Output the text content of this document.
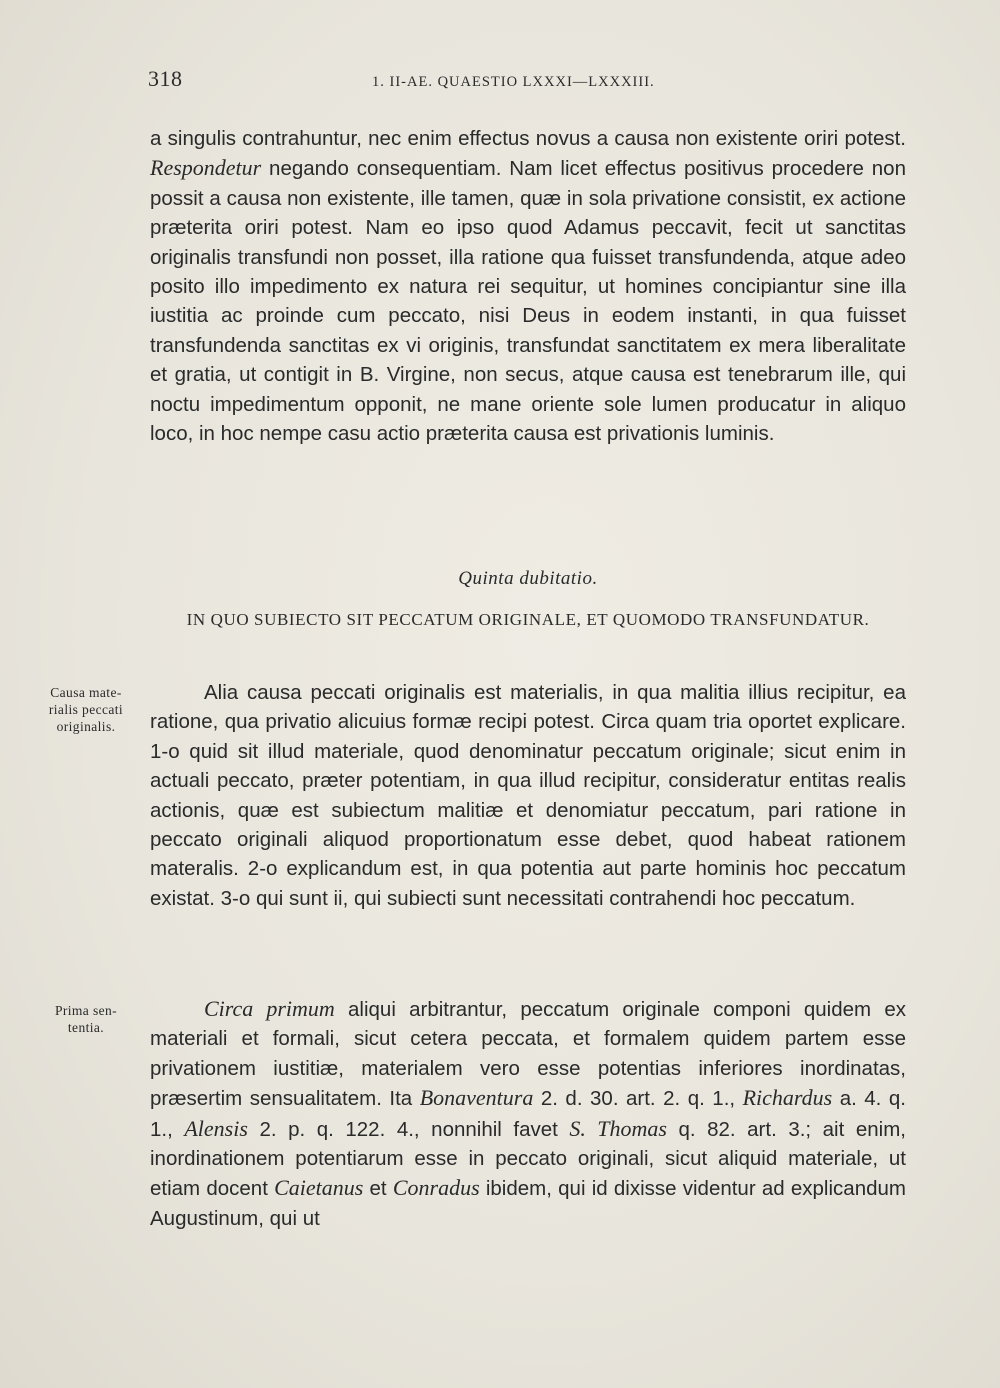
318	1. II-AE. QUAESTIO LXXXI—LXXXIII.

a singulis contrahuntur, nec enim effectus novus a causa non existente oriri potest. Respondetur negando consequentiam. Nam licet effectus positivus procedere non possit a causa non existente, ille tamen, quæ in sola privatione consistit, ex actione præterita oriri potest. Nam eo ipso quod Adamus peccavit, fecit ut sanctitas originalis transfundi non posset, illa ratione qua fuisset transfundenda, atque adeo posito illo impedimento ex natura rei sequitur, ut homines concipiantur sine illa iustitia ac proinde cum peccato, nisi Deus in eodem instanti, in qua fuisset transfundenda sanctitas ex vi originis, transfundat sanctitatem ex mera liberalitate et gratia, ut contigit in B. Virgine, non secus, atque causa est tenebrarum ille, qui noctu impedimentum opponit, ne mane oriente sole lumen producatur in aliquo loco, in hoc nempe casu actio præterita causa est privationis luminis.

Quinta dubitatio.
IN QUO SUBIECTO SIT PECCATUM ORIGINALE, ET QUOMODO TRANSFUNDATUR.
Causa mate-
rialis peccati
originalis.

Alia causa peccati originalis est materialis, in qua malitia illius recipitur, ea ratione, qua privatio alicuius formæ recipi potest. Circa quam tria oportet explicare. 1-o quid sit illud materiale, quod denominatur peccatum originale; sicut enim in actuali peccato, præter potentiam, in qua illud recipitur, consideratur entitas realis actionis, quæ est subiectum malitiæ et denomiatur peccatum, pari ratione in peccato originali aliquod proportionatum esse debet, quod habeat rationem materalis. 2-o explicandum est, in qua potentia aut parte hominis hoc peccatum existat. 3-o qui sunt ii, qui subiecti sunt necessitati contrahendi hoc peccatum.

Prima sen-
tentia.

Circa primum aliqui arbitrantur, peccatum originale componi quidem ex materiali et formali, sicut cetera peccata, et formalem quidem partem esse privationem iustitiæ, materialem vero esse potentias inferiores inordinatas, præsertim sensualitatem. Ita Bonaventura 2. d. 30. art. 2. q. 1., Richardus a. 4. q. 1., Alensis 2. p. q. 122. 4., nonnihil favet S. Thomas q. 82. art. 3.; ait enim, inordinationem potentiarum esse in peccato originali, sicut aliquid materiale, ut etiam docent Caietanus et Conradus ibidem, qui id dixisse videntur ad explicandum Augustinum, qui ut
